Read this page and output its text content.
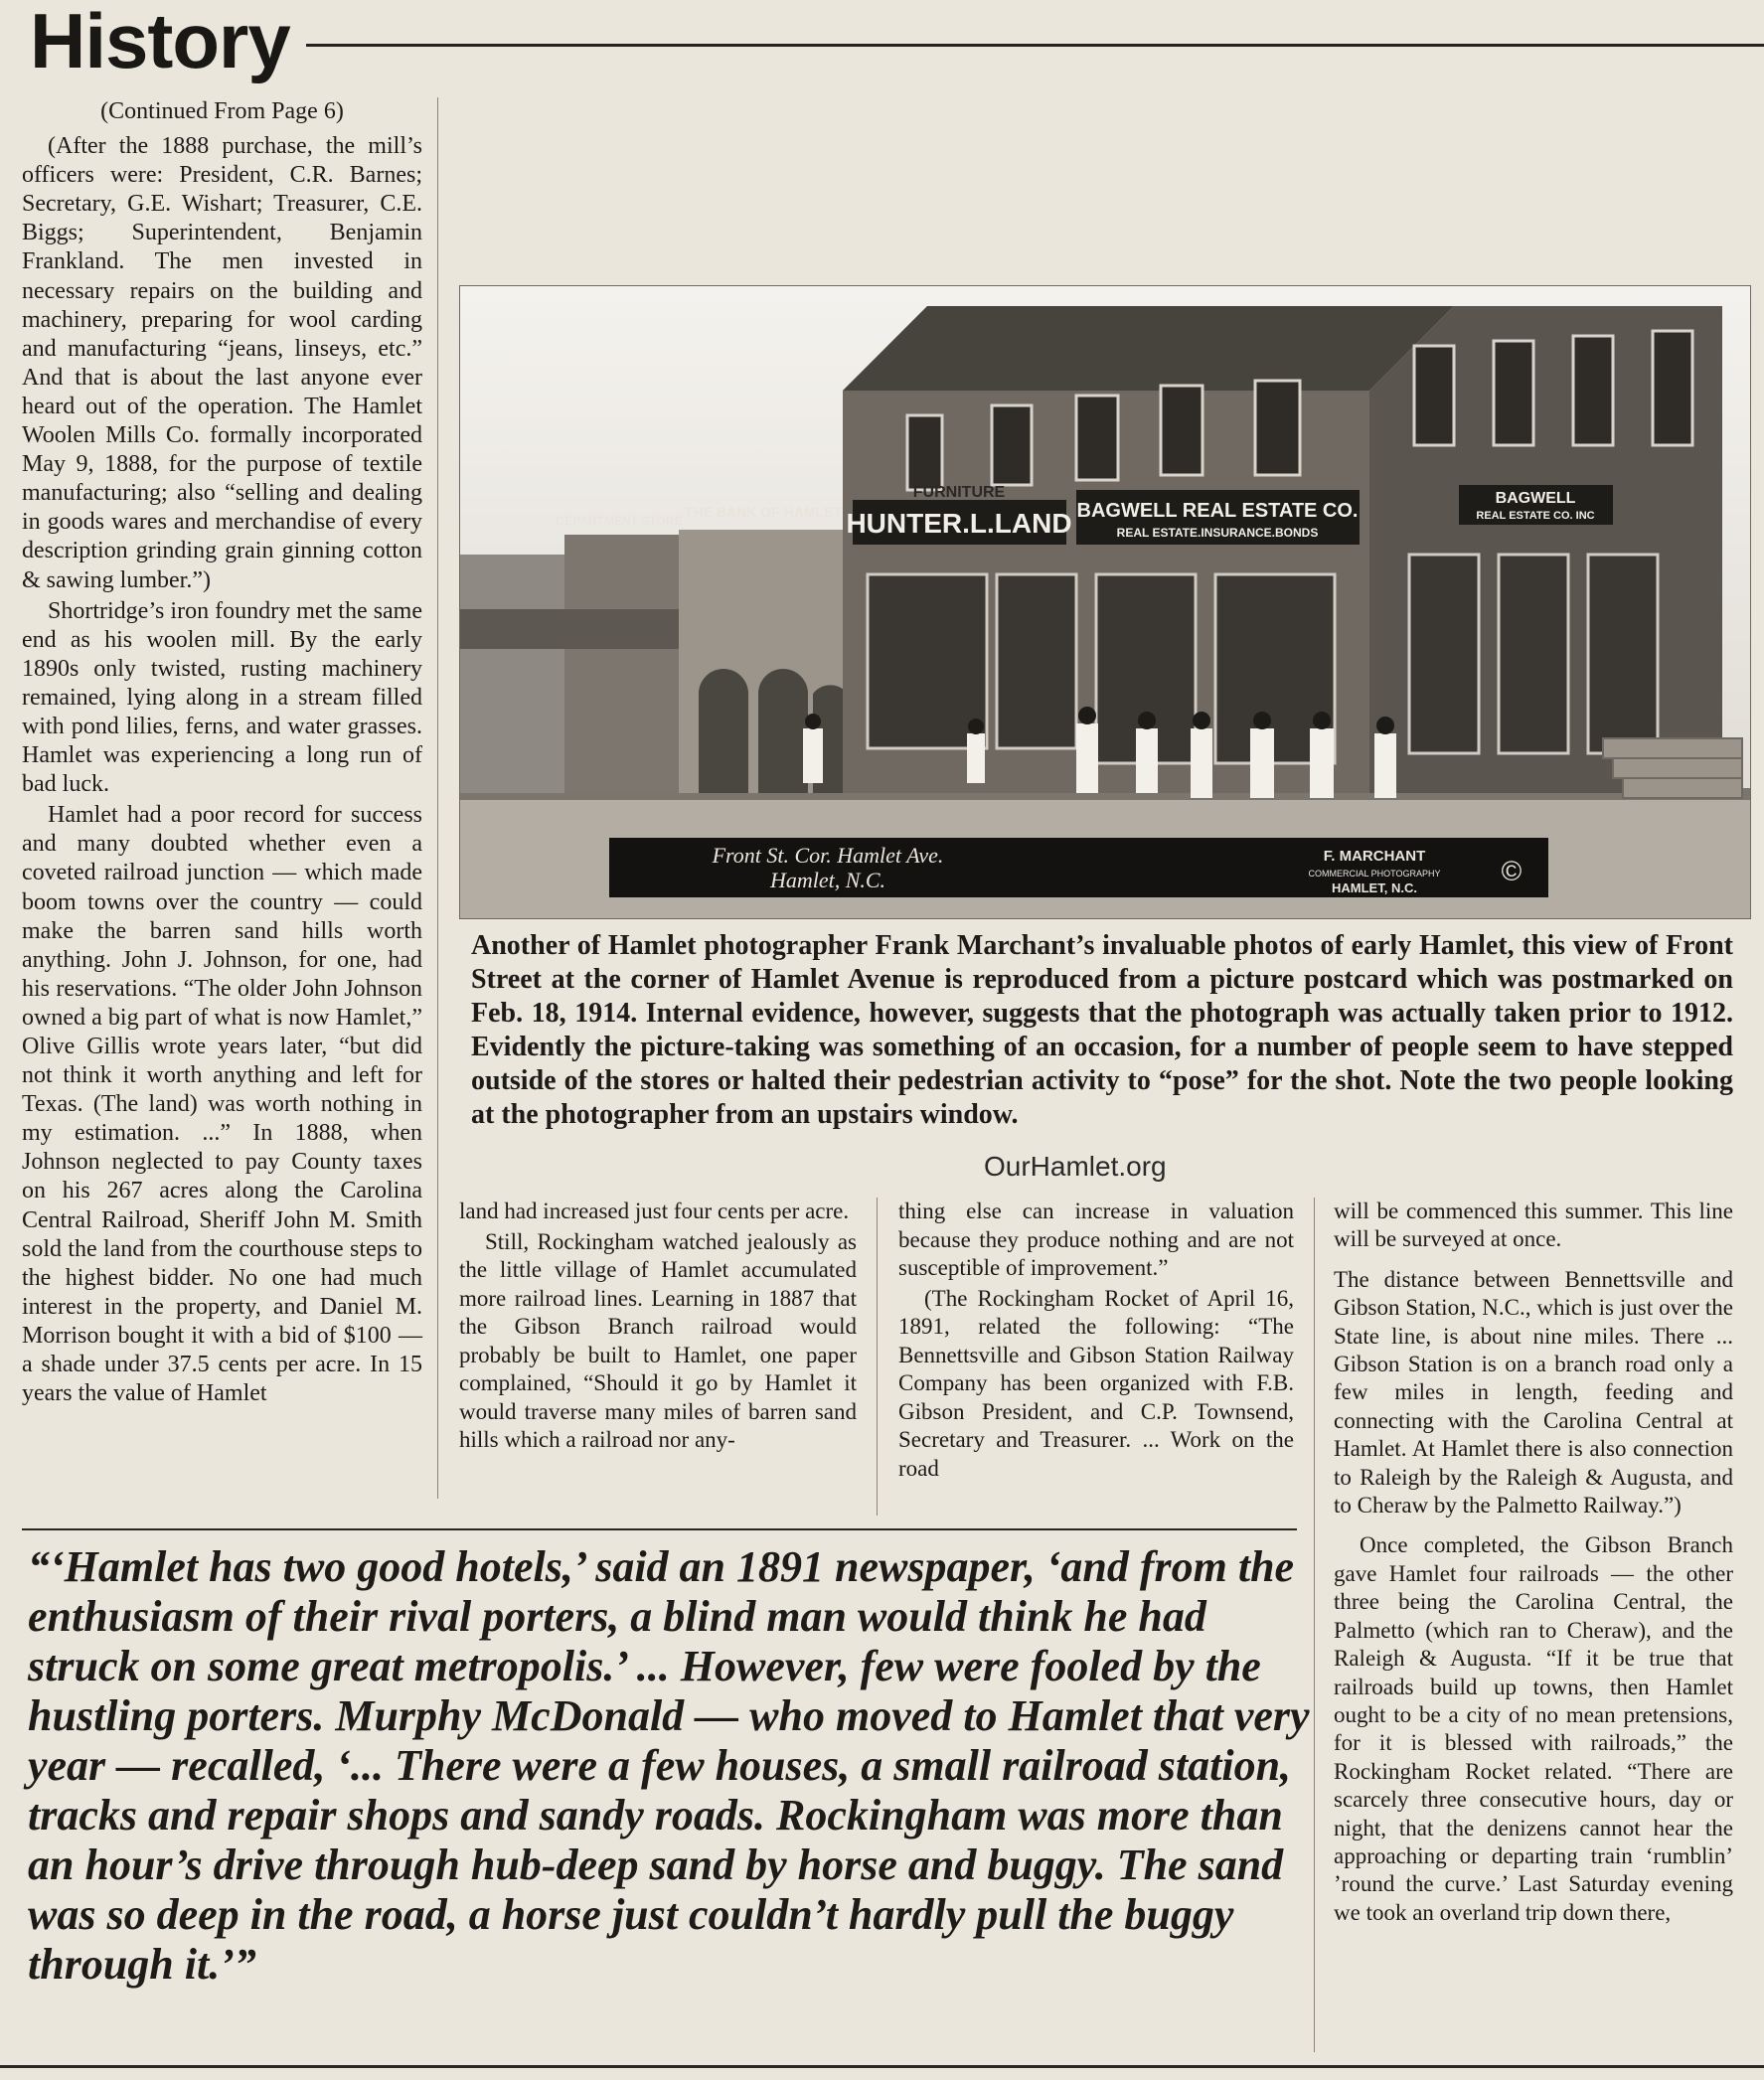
History
(Continued From Page 6)

(After the 1888 purchase, the mill’s officers were: President, C.R. Barnes; Secretary, G.E. Wishart; Treasurer, C.E. Biggs; Superintendent, Benjamin Frankland. The men invested in necessary repairs on the building and machinery, preparing for wool carding and manufacturing “jeans, linseys, etc.” And that is about the last anyone ever heard out of the operation. The Hamlet Woolen Mills Co. formally incorporated May 9, 1888, for the purpose of textile manufacturing; also “selling and dealing in goods wares and merchandise of every description grinding grain ginning cotton & sawing lumber.”)

Shortridge’s iron foundry met the same end as his woolen mill. By the early 1890s only twisted, rusting machinery remained, lying along in a stream filled with pond lilies, ferns, and water grasses. Hamlet was experiencing a long run of bad luck.

Hamlet had a poor record for success and many doubted whether even a coveted railroad junction — which made boom towns over the country — could make the barren sand hills worth anything. John J. Johnson, for one, had his reservations. “The older John Johnson owned a big part of what is now Hamlet,” Olive Gillis wrote years later, “but did not think it worth anything and left for Texas. (The land) was worth nothing in my estimation. ...” In 1888, when Johnson neglected to pay County taxes on his 267 acres along the Carolina Central Railroad, Sheriff John M. Smith sold the land from the courthouse steps to the highest bidder. No one had much interest in the property, and Daniel M. Morrison bought it with a bid of $100 — a shade under 37.5 cents per acre. In 15 years the value of Hamlet

HUNTER.L.LAND
FURNITURE
BAGWELL REAL ESTATE CO.
REAL ESTATE.INSURANCE.BONDS
BAGWELL
REAL ESTATE CO. INC
THE BANK OF HAMLET
DEPARTMENT STORE
Front St. Cor. Hamlet Ave.
Hamlet, N.C.
F. MARCHANT
COMMERCIAL PHOTOGRAPHY
HAMLET, N.C.
©
Another of Hamlet photographer Frank Marchant’s invaluable photos of early Hamlet, this view of Front Street at the corner of Hamlet Avenue is reproduced from a picture postcard which was postmarked on Feb. 18, 1914. Internal evidence, however, suggests that the photograph was actually taken prior to 1912. Evidently the picture-taking was something of an occasion, for a number of people seem to have stepped outside of the stores or halted their pedestrian activity to “pose” for the shot. Note the two people looking at the photographer from an upstairs window.
OurHamlet.org

land had increased just four cents per acre.

Still, Rockingham watched jealously as the little village of Hamlet accumulated more railroad lines. Learning in 1887 that the Gibson Branch railroad would probably be built to Hamlet, one paper complained, “Should it go by Hamlet it would traverse many miles of barren sand hills which a railroad nor any-

thing else can increase in valuation because they produce nothing and are not susceptible of improvement.”

(The Rockingham Rocket of April 16, 1891, related the following: “The Bennettsville and Gibson Station Railway Company has been organized with F.B. Gibson President, and C.P. Townsend, Secretary and Treasurer. ... Work on the road

will be commenced this summer. This line will be surveyed at once.

The distance between Bennettsville and Gibson Station, N.C., which is just over the State line, is about nine miles. There ... Gibson Station is on a branch road only a few miles in length, feeding and connecting with the Carolina Central at Hamlet. At Hamlet there is also connection to Raleigh by the Raleigh & Augusta, and to Cheraw by the Palmetto Railway.”)

Once completed, the Gibson Branch gave Hamlet four railroads — the other three being the Carolina Central, the Palmetto (which ran to Cheraw), and the Raleigh & Augusta. “If it be true that railroads build up towns, then Hamlet ought to be a city of no mean pretensions, for it is blessed with railroads,” the Rockingham Rocket related. “There are scarcely three consecutive hours, day or night, that the denizens cannot hear the approaching or departing train ‘rumblin’ ’round the curve.’ Last Saturday evening we took an overland trip down there,

“‘Hamlet has two good hotels,’ said an 1891 newspaper, ‘and from the enthusiasm of their rival porters, a blind man would think he had struck on some great metropolis.’ ... However, few were fooled by the hustling porters. Murphy McDonald — who moved to Hamlet that very year — recalled, ‘... There were a few houses, a small railroad station, tracks and repair shops and sandy roads. Rockingham was more than an hour’s drive through hub-deep sand by horse and buggy. The sand was so deep in the road, a horse just couldn’t hardly pull the buggy through it.’”
